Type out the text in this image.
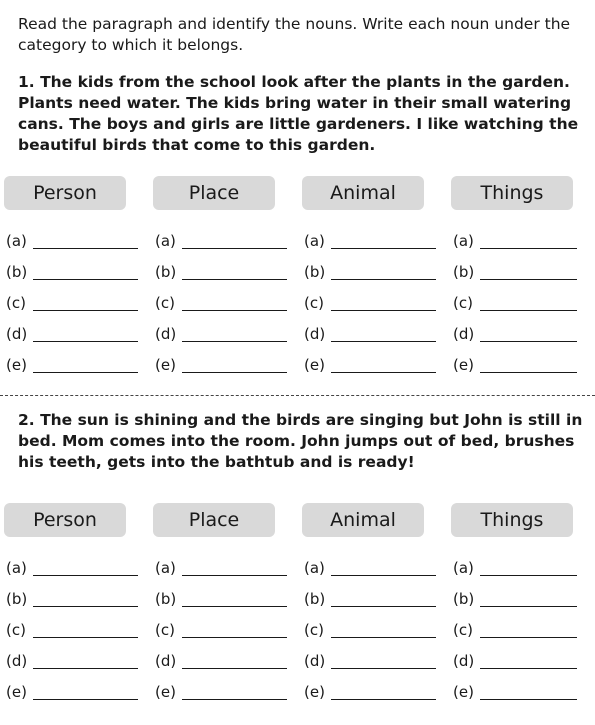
Read the paragraph and identify the nouns. Write each noun under the category to which it belongs.

1. The kids from the school look after the plants in the garden. Plants need water. The kids bring water in their small watering cans. The boys and girls are little gardeners. I like watching the beautiful birds that come to this garden.

Person	Place	Animal	Things
(a)	(a)	(a)	(a)
(b)	(b)	(b)	(b)
(c)	(c)	(c)	(c)
(d)	(d)	(d)	(d)
(e)	(e)	(e)	(e)

2. The sun is shining and the birds are singing but John is still in bed. Mom comes into the room. John jumps out of bed, brushes his teeth, gets into the bathtub and is ready!

Person	Place	Animal	Things
(a)	(a)	(a)	(a)
(b)	(b)	(b)	(b)
(c)	(c)	(c)	(c)
(d)	(d)	(d)	(d)
(e)	(e)	(e)	(e)
